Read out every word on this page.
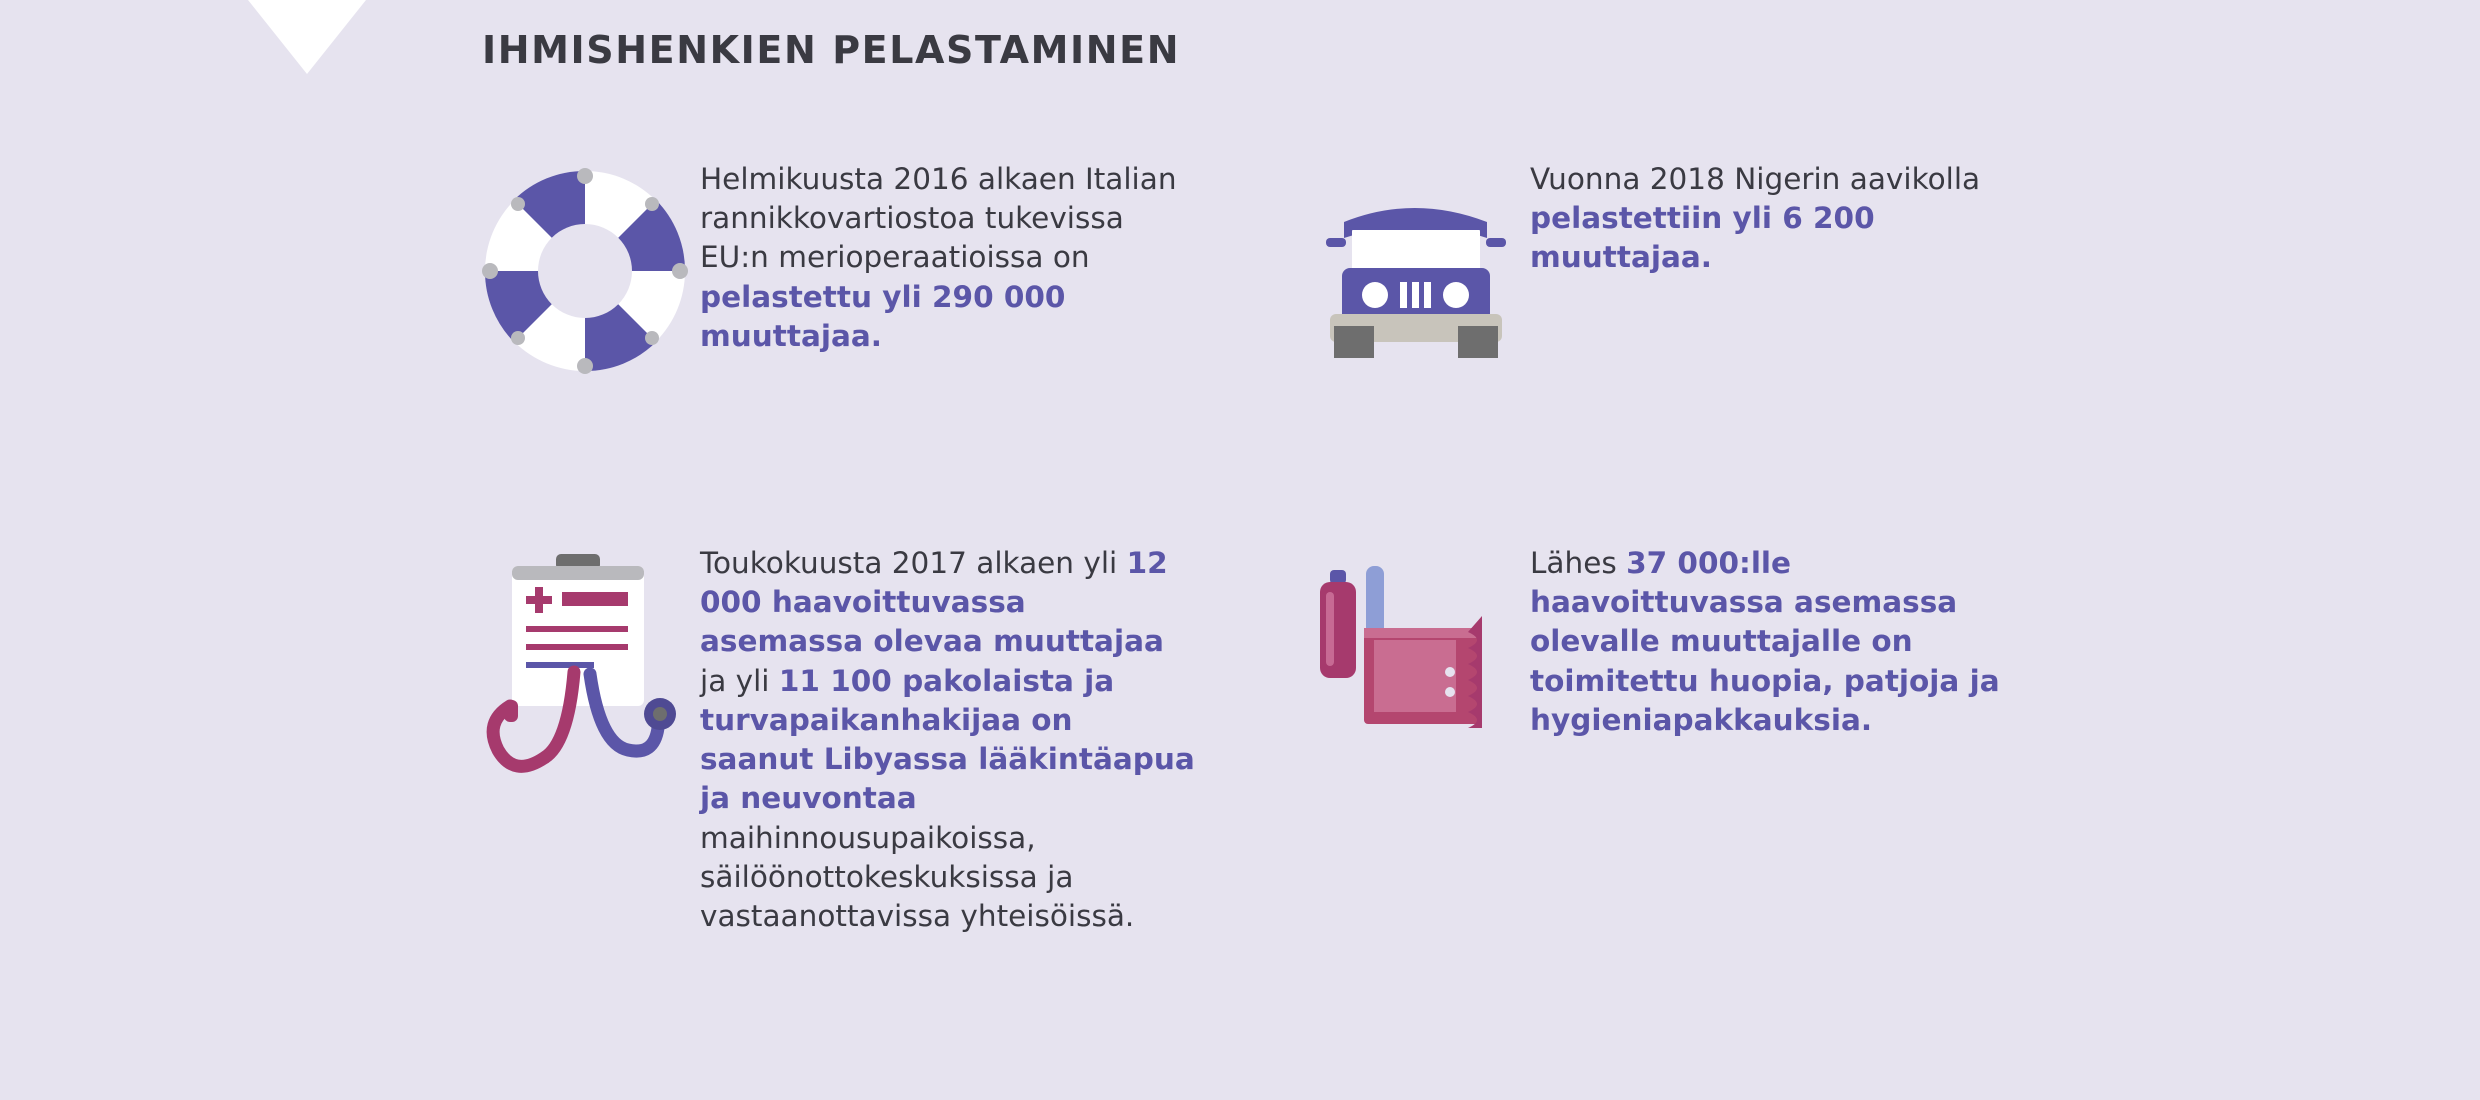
IHMISHENKIEN PELASTAMINEN
Helmikuusta 2016 alkaen Italian rannikkovartiostoa tukevissa EU:n merioperaatioissa on pelastettu yli 290 000 muuttajaa.
Vuonna 2018 Nigerin aavikolla pelastettiin yli 6 200 muuttajaa.
Toukokuusta 2017 alkaen yli 12 000 haavoittuvassa asemassa olevaa muuttajaa ja yli 11 100 pakolaista ja turvapaikanhakijaa on saanut Libyassa lääkintäapua ja neuvontaa maihinnousupaikoissa, säilöönottokeskuksissa ja vastaanottavissa yhteisöissä.
Lähes 37 000:lle haavoittuvassa asemassa olevalle muuttajalle on toimitettu huopia, patjoja ja hygieniapakkauksia.
